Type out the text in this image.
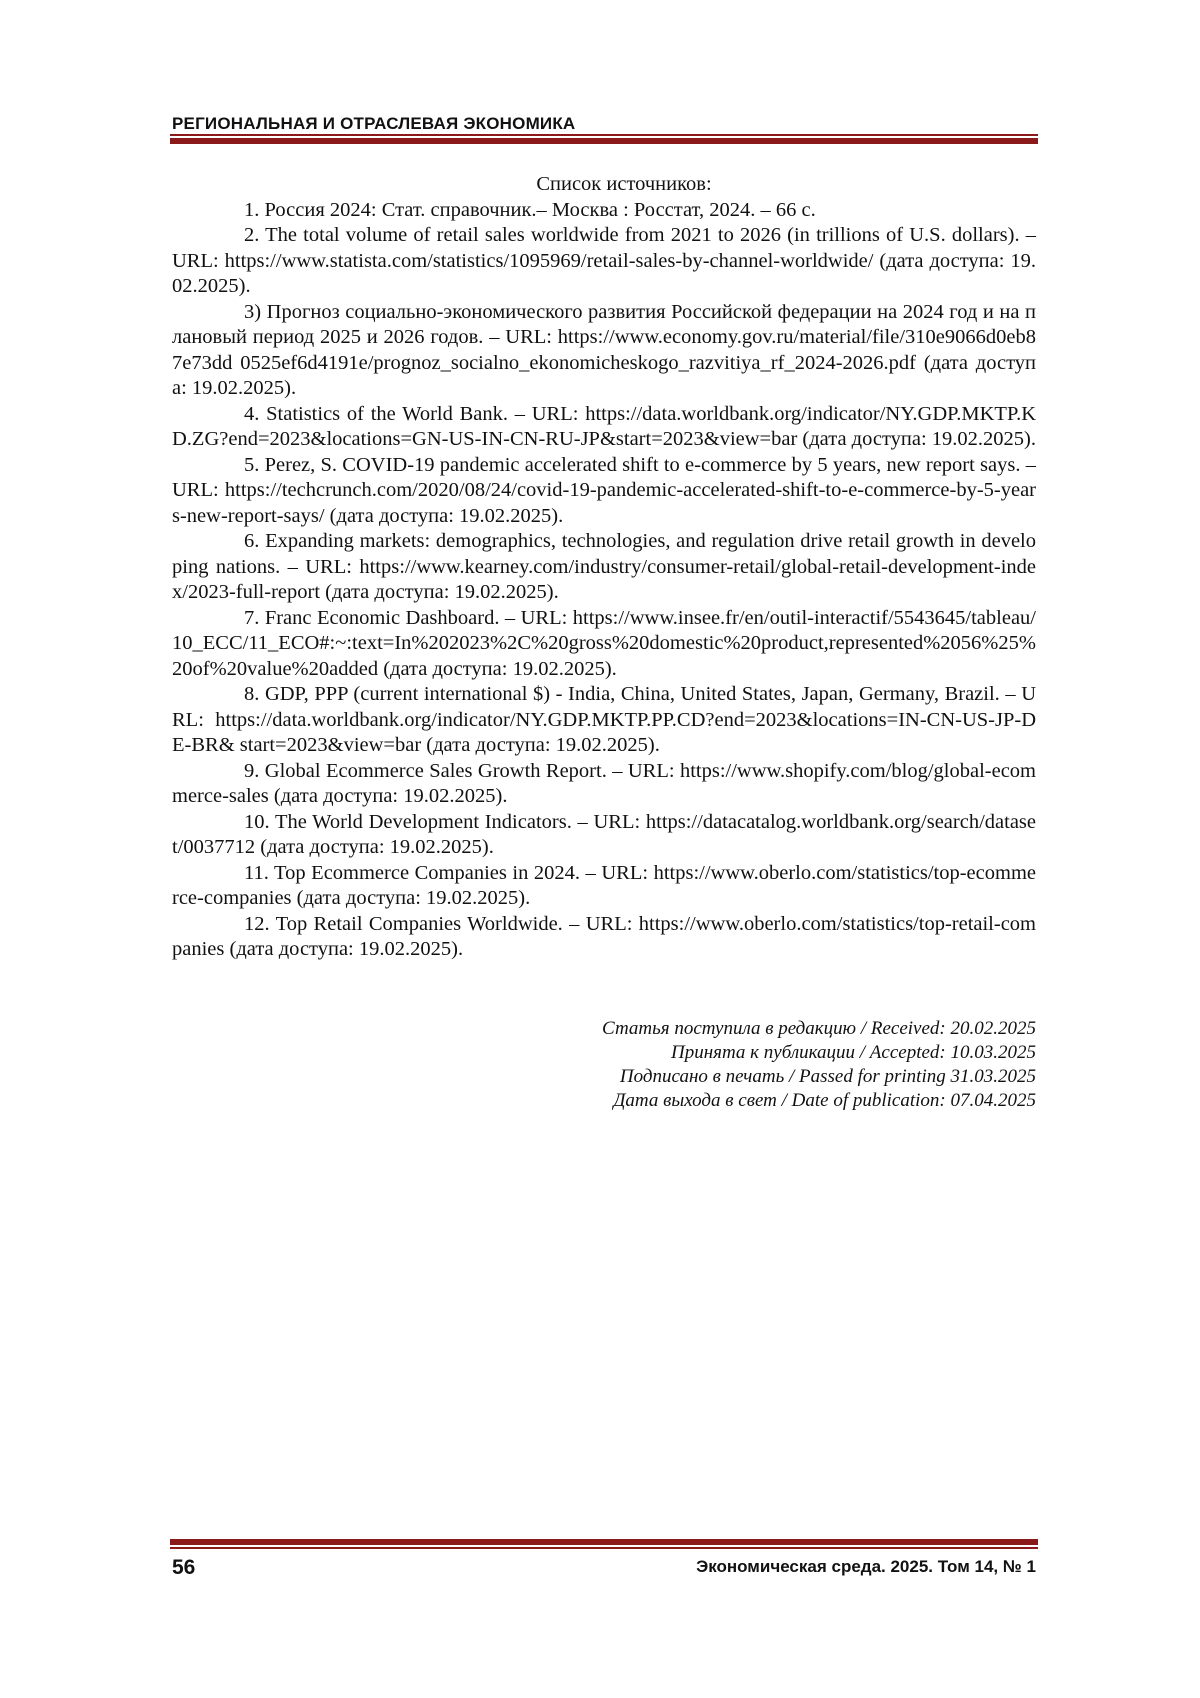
РЕГИОНАЛЬНАЯ И ОТРАСЛЕВАЯ ЭКОНОМИКА
Список источников:

1. Россия 2024: Стат. справочник.– Москва : Росстат, 2024. – 66 с.

2. The total volume of retail sales worldwide from 2021 to 2026 (in trillions of U.S. dollars). – URL: https://www.statista.com/statistics/1095969/retail-sales-by-channel-worldwide/ (дата доступа: 19.02.2025).

3) Прогноз социально-экономического развития Российской федерации на 2024 год и на плановый период 2025 и 2026 годов. – URL: https://www.economy.gov.ru/material/file/310e9066d0eb87e73dd 0525ef6d4191e/prognoz_socialno_ekonomicheskogo_razvitiya_rf_2024-2026.pdf (дата доступа: 19.02.2025).

4. Statistics of the World Bank. – URL: https://data.worldbank.org/indicator/NY.GDP.MKTP.KD.ZG?end=2023&locations=GN-US-IN-CN-RU-JP&start=2023&view=bar (дата доступа: 19.02.2025).

5. Perez, S. COVID-19 pandemic accelerated shift to e-commerce by 5 years, new report says. – URL: https://techcrunch.com/2020/08/24/covid-19-pandemic-accelerated-shift-to-e-commerce-by-5-years-new-report-says/ (дата доступа: 19.02.2025).

6. Expanding markets: demographics, technologies, and regulation drive retail growth in developing nations. – URL: https://www.kearney.com/industry/consumer-retail/global-retail-development-index/2023-full-report (дата доступа: 19.02.2025).

7. Franc Economic Dashboard. – URL: https://www.insee.fr/en/outil-interactif/5543645/tableau/10_ECC/11_ECO#:~:text=In%202023%2C%20gross%20domestic%20product,represented%2056%25%20of%20value%20added (дата доступа: 19.02.2025).

8. GDP, PPP (current international $) - India, China, United States, Japan, Germany, Brazil. – URL: https://data.worldbank.org/indicator/NY.GDP.MKTP.PP.CD?end=2023&locations=IN-CN-US-JP-DE-BR& start=2023&view=bar (дата доступа: 19.02.2025).

9. Global Ecommerce Sales Growth Report. – URL: https://www.shopify.com/blog/global-ecommerce-sales (дата доступа: 19.02.2025).

10. The World Development Indicators. – URL: https://datacatalog.worldbank.org/search/dataset/0037712 (дата доступа: 19.02.2025).

11. Top Ecommerce Companies in 2024. – URL: https://www.oberlo.com/statistics/top-ecommerce-companies (дата доступа: 19.02.2025).

12. Top Retail Companies Worldwide. – URL: https://www.oberlo.com/statistics/top-retail-companies (дата доступа: 19.02.2025).

Статья поступила в редакцию / Received: 20.02.2025
Принята к публикации / Accepted: 10.03.2025
Подписано в печать / Passed for printing 31.03.2025
Дата выхода в свет / Date of publication: 07.04.2025
56	Экономическая среда. 2025. Том 14, № 1
